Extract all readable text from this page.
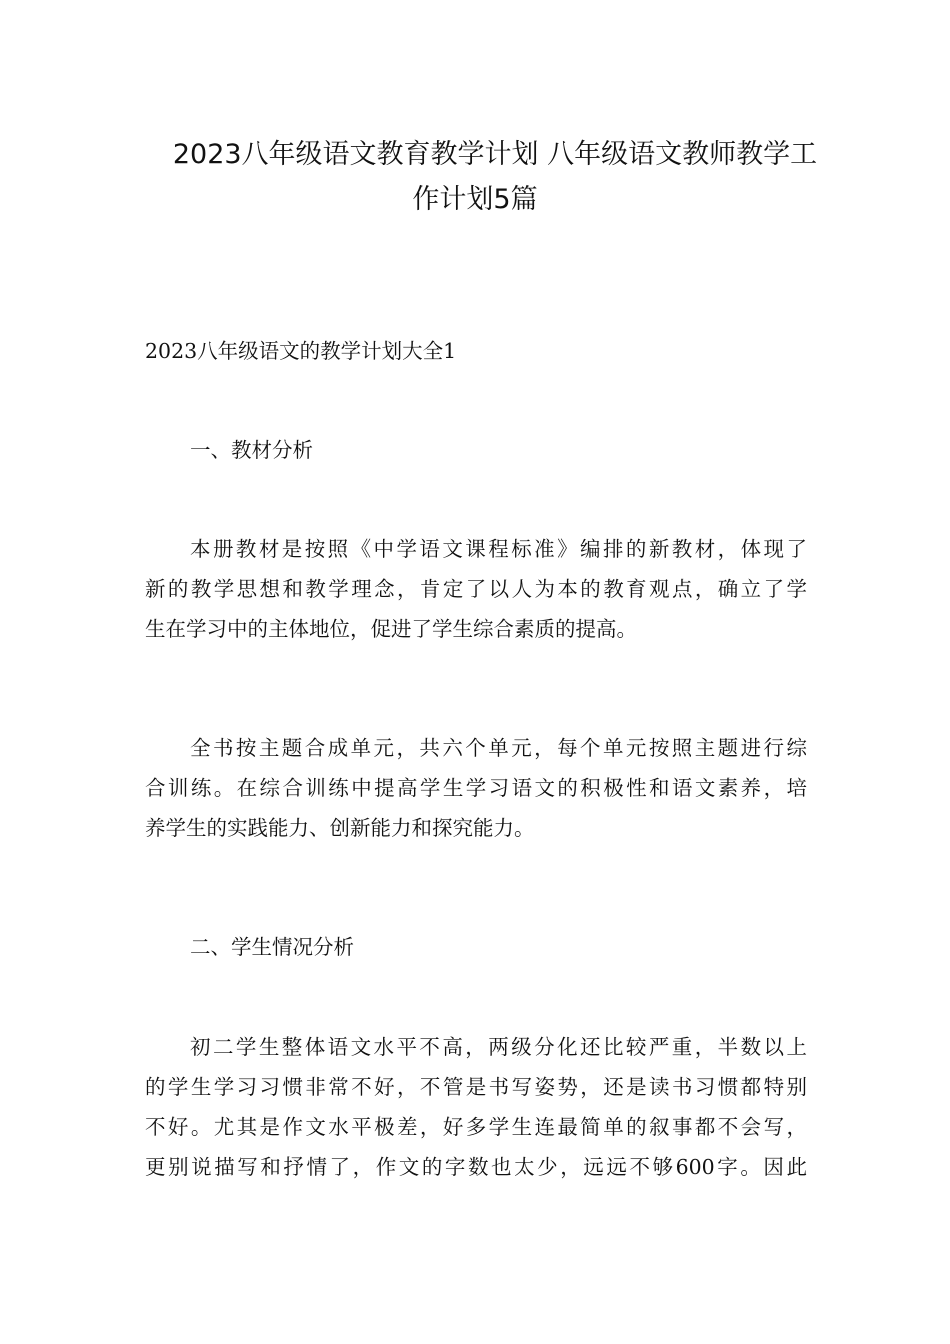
2023八年级语文教育教学计划 八年级语文教师教学工
作计划5篇

2023八年级语文的教学计划大全1

一、教材分析

本册教材是按照《中学语文课程标准》编排的新教材，体现了
新的教学思想和教学理念，肯定了以人为本的教育观点，确立了学
生在学习中的主体地位，促进了学生综合素质的提高。
全书按主题合成单元，共六个单元，每个单元按照主题进行综
合训练。在综合训练中提高学生学习语文的积极性和语文素养，培
养学生的实践能力、创新能力和探究能力。

二、学生情况分析

初二学生整体语文水平不高，两级分化还比较严重，半数以上
的学生学习习惯非常不好，不管是书写姿势，还是读书习惯都特别
不好。尤其是作文水平极差，好多学生连最简单的叙事都不会写，
更别说描写和抒情了，作文的字数也太少，远远不够600字。因此
